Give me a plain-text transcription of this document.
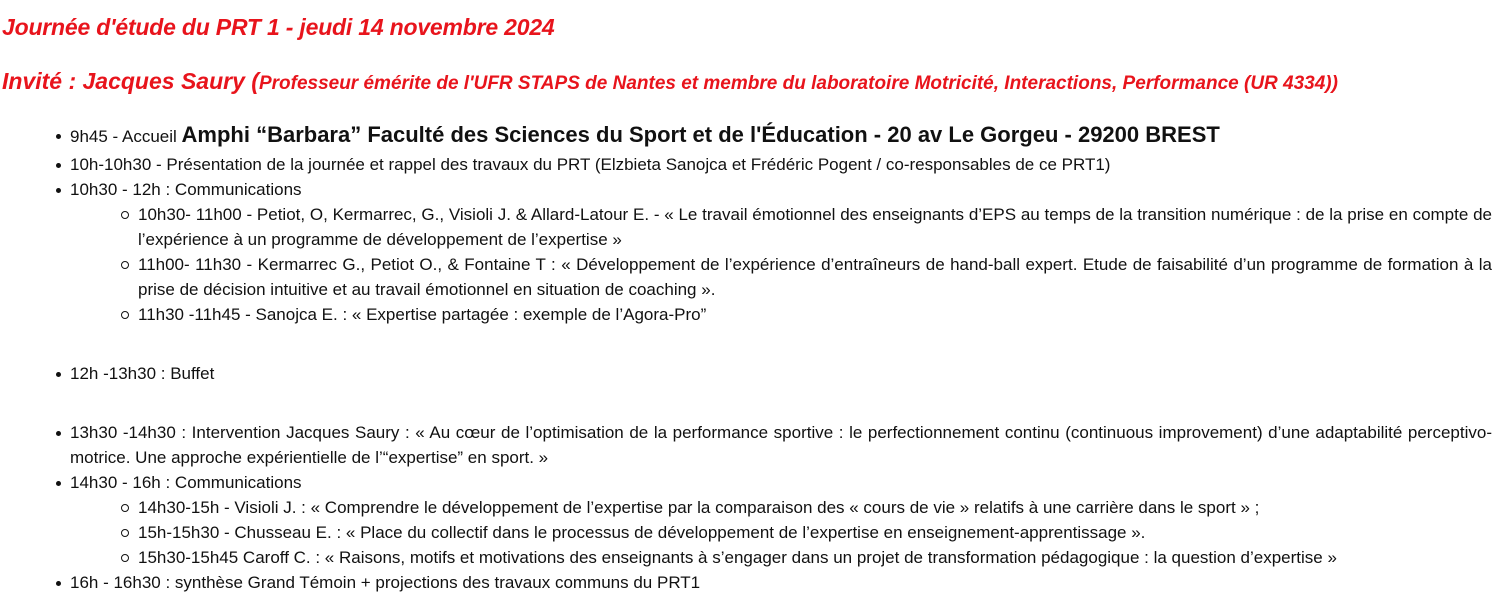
Journée d'étude du PRT 1 - jeudi 14 novembre 2024
Invité : Jacques Saury (Professeur émérite de l'UFR STAPS de Nantes et membre du laboratoire Motricité, Interactions, Performance (UR 4334))
9h45 - Accueil Amphi “Barbara” Faculté des Sciences du Sport et de l'Éducation - 20 av Le Gorgeu - 29200 BREST
10h-10h30 - Présentation de la journée et rappel des travaux du PRT (Elzbieta Sanojca et Frédéric Pogent / co-responsables de ce PRT1)
10h30 - 12h : Communications
10h30- 11h00 - Petiot, O, Kermarrec, G., Visioli J. & Allard-Latour E. - « Le travail émotionnel des enseignants d’EPS au temps de la transition numérique : de la prise en compte de l’expérience à un programme de développement de l’expertise »
11h00- 11h30 - Kermarrec G., Petiot O., & Fontaine T : « Développement de l’expérience d’entraîneurs de hand-ball expert. Etude de faisabilité d’un programme de formation à la prise de décision intuitive et au travail émotionnel en situation de coaching ».
11h30 -11h45 - Sanojca E. : « Expertise partagée : exemple de l’Agora-Pro”
12h -13h30 : Buffet
13h30 -14h30 : Intervention Jacques Saury : « Au cœur de l’optimisation de la performance sportive : le perfectionnement continu (continuous improvement) d’une adaptabilité perceptivo-motrice. Une approche expérientielle de l’“expertise” en sport. »
14h30 - 16h : Communications
14h30-15h - Visioli J. : « Comprendre le développement de l’expertise par la comparaison des « cours de vie » relatifs à une carrière dans le sport » ;
15h-15h30 - Chusseau E. : « Place du collectif dans le processus de développement de l’expertise en enseignement-apprentissage ».
15h30-15h45 Caroff C. : « Raisons, motifs et motivations des enseignants à s’engager dans un projet de transformation pédagogique : la question d’expertise »
16h - 16h30 : synthèse Grand Témoin + projections des travaux communs du PRT1
